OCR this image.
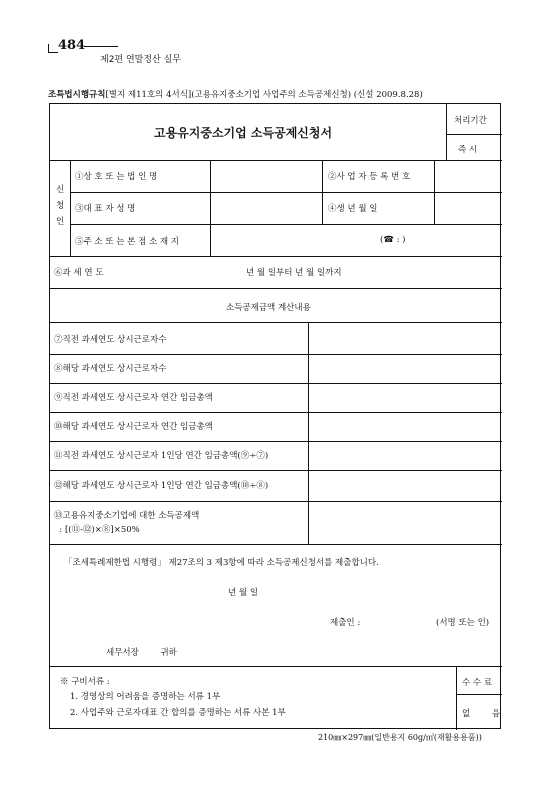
484
제2편 연말정산 실무
조특법시행규칙[별지 제11호의 4서식](고용유지중소기업 사업주의 소득공제신청) (신설 2009.8.28)
고용유지중소기업 소득공제신청서
처리기간
즉 시
신
청
인
①상 호 또 는 법 인 명	②사 업 자 등 록 번 호
③대 표 자 성 명	④생 년 월 일
⑤주 소 또 는 본 점 소 재 지	(☎ : )
⑥과 세 연 도	년 월 일부터 년 월 일까지
소득공제금액 계산내용
⑦직전 과세연도 상시근로자수
⑧해당 과세연도 상시근로자수
⑨직전 과세연도 상시근로자 연간 임금총액
⑩해당 과세연도 상시근로자 연간 임금총액
⑪직전 과세연도 상시근로자 1인당 연간 임금총액(⑨÷⑦)
⑫해당 과세연도 상시근로자 1인당 연간 임금총액(⑩÷⑧)
⑬고용유지중소기업에 대한 소득공제액
: [(⑪-⑫)×⑧]×50%
「조세특례제한법 시행령」 제27조의 3 제3항에 따라 소득공제신청서를 제출합니다.
년 월 일
제출인 :	(서명 또는 인)
세무서장        귀하
※ 구비서류 :
1. 경영상의 어려움을 증명하는 서류 1부
2. 사업주와 근로자대표 간 합의를 증명하는 서류 사본 1부
수 수 료
없        음
210㎜×297㎜(일반용지 60g/㎡(재활용용품))
